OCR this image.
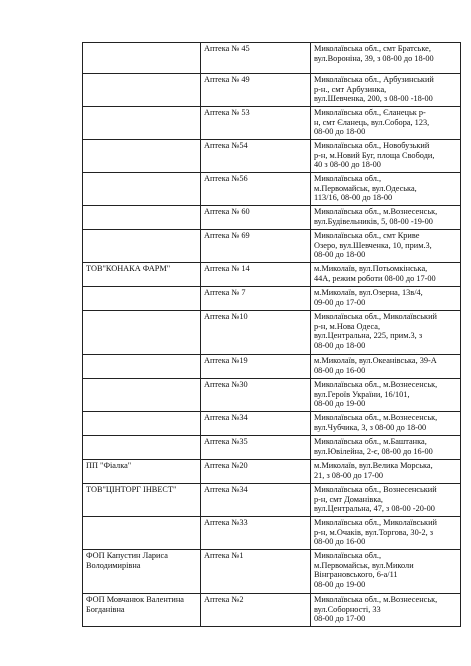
	Аптека № 45	Миколаївська обл., смт Братське,
вул.Вороніна, 39, з 08-00 до 18-00

	Аптека № 49	Миколаївська обл., Арбузинський
р-н., смт Арбузинка,
вул.Шевченка, 200, з 08-00 -18-00

	Аптека № 53	Миколаївська обл., Єланецьк р-
н, смт Єланець, вул.Собора, 123,
08-00 до 18-00

	Аптека №54	Миколаївська обл., Новобузький
р-н, м.Новий Буг, площа Свободи,
40 з 08-00 до 18-00

	Аптека №56	Миколаївська обл.,
м.Первомайськ, вул.Одеська,
113/16, 08-00 до 18-00

	Аптека № 60	Миколаївська обл., м.Вознесенськ,
вул.Будівельників, 5, 08-00 -19-00

	Аптека № 69	Миколаївська обл., смт Криве
Озеро, вул.Шевченка, 10, прим.3,
08-00 до 18-00

ТОВ"КОНАКА ФАРМ"	Аптека № 14	м.Миколаїв, вул.Потьомкінська,
44А, режим роботи 08-00 до 17-00

	Аптека № 7	м.Миколаїв, вул.Озерна, 13в/4,
09-00 до 17-00

	Аптека №10	Миколаївська обл., Миколаївський
р-н, м.Нова Одеса,
вул.Центральна, 225, прим.3, з
08-00 до 18-00

	Аптека №19	м.Миколаїв, вул.Океанівська, 39-А
08-00 до 16-00

	Аптека №30	Миколаївська обл., м.Вознесенськ,
вул.Героїв України, 16/101,
08-00 до 19-00

	Аптека №34	Миколаївська обл., м.Вознесенськ,
вул.Чубчика, 3, з 08-00 до 18-00

	Аптека №35	Миколаївська обл., м.Баштанка,
вул.Ювілейна, 2-є, 08-00 до 16-00

ПП "Фіалка"	Аптека №20	м.Миколаїв, вул.Велика Морська,
21, з 08-00 до 17-00

ТОВ"ЦІНТОРГ ІНВЕСТ"	Аптека №34	Миколаївська обл., Вознесенський
р-н, смт Доманівка,
вул.Центральна, 47, з 08-00 -20-00

	Аптека №33	Миколаївська обл., Миколаївський
р-н, м.Очаків, вул.Торгова, 30-2, з
08-00 до 16-00

ФОП Капустин Лариса Володимирівна	Аптека №1	Миколаївська обл.,
м.Первомайськ, вул.Миколи
Вінграновського, 6-а/11
08-00 до 19-00

ФОП Мовчанюк Валентина Богданівна	Аптека №2	Миколаївська обл., м.Вознесенськ,
вул.Соборності, 33
08-00 до 17-00
